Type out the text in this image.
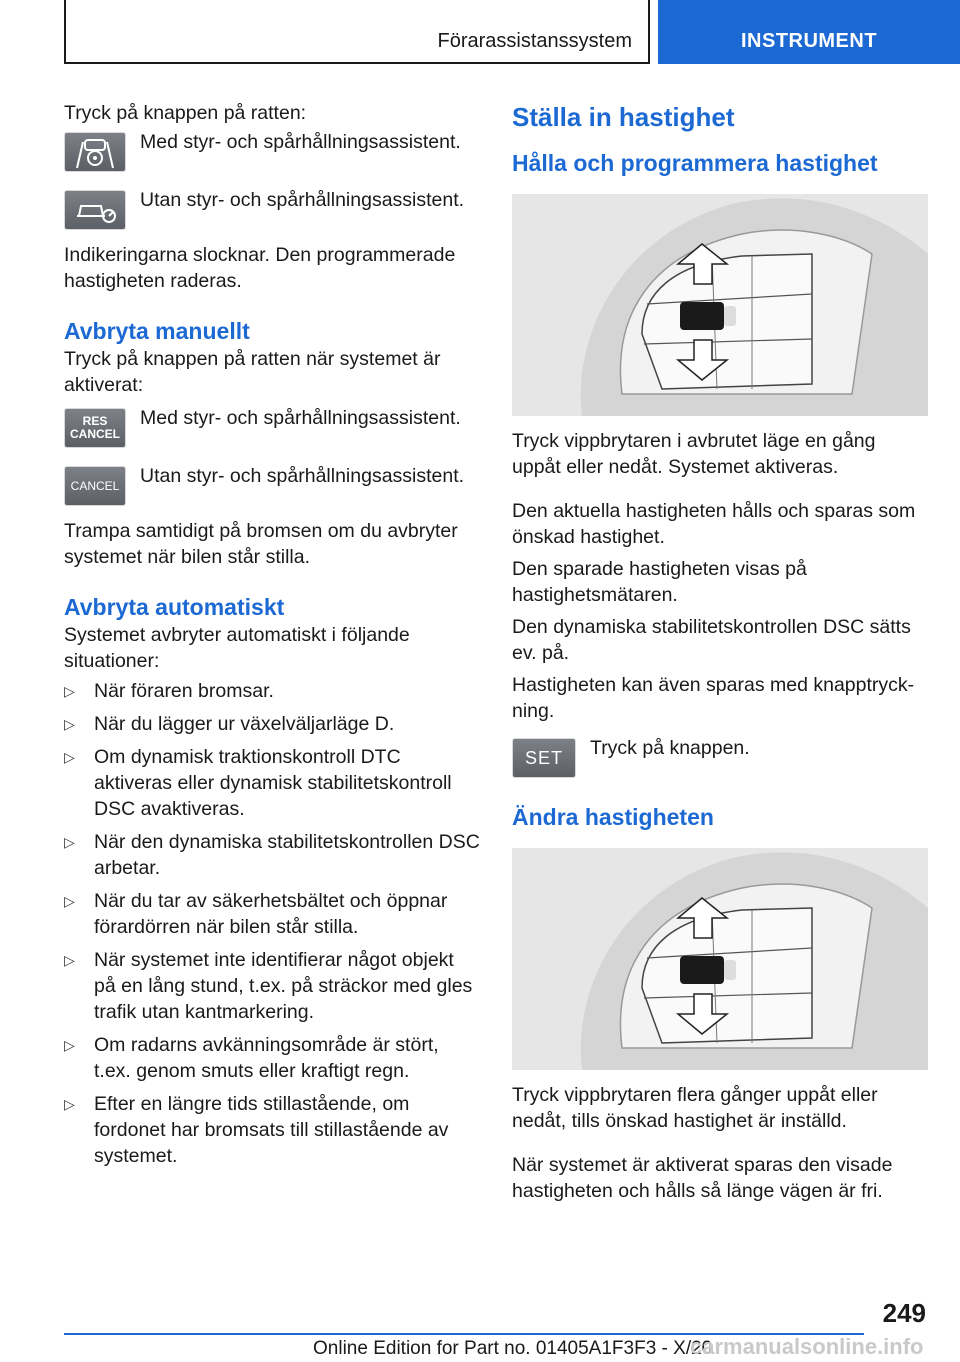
Förarassistanssystem	INSTRUMENT

Tryck på knappen på ratten:

Med styr- och spårhållningsassistent.
Utan styr- och spårhållningsassistent.

Indikeringarna slocknar. Den programmerade hastigheten raderas.

Avbryta manuellt

Tryck på knappen på ratten när systemet är aktiverat:

RES
CANCEL
Med styr- och spårhållningsassistent.
CANCEL Utan styr- och spårhållningsassistent.

Trampa samtidigt på bromsen om du avbryter systemet när bilen står stilla.

Avbryta automatiskt

Systemet avbryter automatiskt i följande situationer:

▷ När föraren bromsar.
▷ När du lägger ur växelväljarläge D.
▷ Om dynamisk traktionskontroll DTC aktiveras eller dynamisk stabilitetskontroll DSC avaktiveras.
▷ När den dynamiska stabilitetskontrollen DSC arbetar.
▷ När du tar av säkerhetsbältet och öppnar förardörren när bilen står stilla.
▷ När systemet inte identifierar något objekt på en lång stund, t.ex. på sträckor med gles trafik utan kantmarkering.
▷ Om radarns avkänningsområde är stört, t.ex. genom smuts eller kraftigt regn.
▷ Efter en längre tids stillastående, om fordonet har bromsats till stillastående av systemet.
Ställa in hastighet
Hålla och programmera hastighet

Tryck vippbrytaren i avbrutet läge en gång uppåt eller nedåt. Systemet aktiveras.

Den aktuella hastigheten hålls och sparas som önskad hastighet.

Den sparade hastigheten visas på hastighetsmätaren.

Den dynamiska stabilitetskontrollen DSC sätts ev. på.

Hastigheten kan även sparas med knapptryckning.

SET Tryck på knappen.
Ändra hastigheten

Tryck vippbrytaren flera gånger uppåt eller nedåt, tills önskad hastighet är inställd.

När systemet är aktiverat sparas den visade hastigheten och hålls så länge vägen är fri.

249
Online Edition for Part no. 01405A1F3F3 - X/20
carmanualsonline.info
